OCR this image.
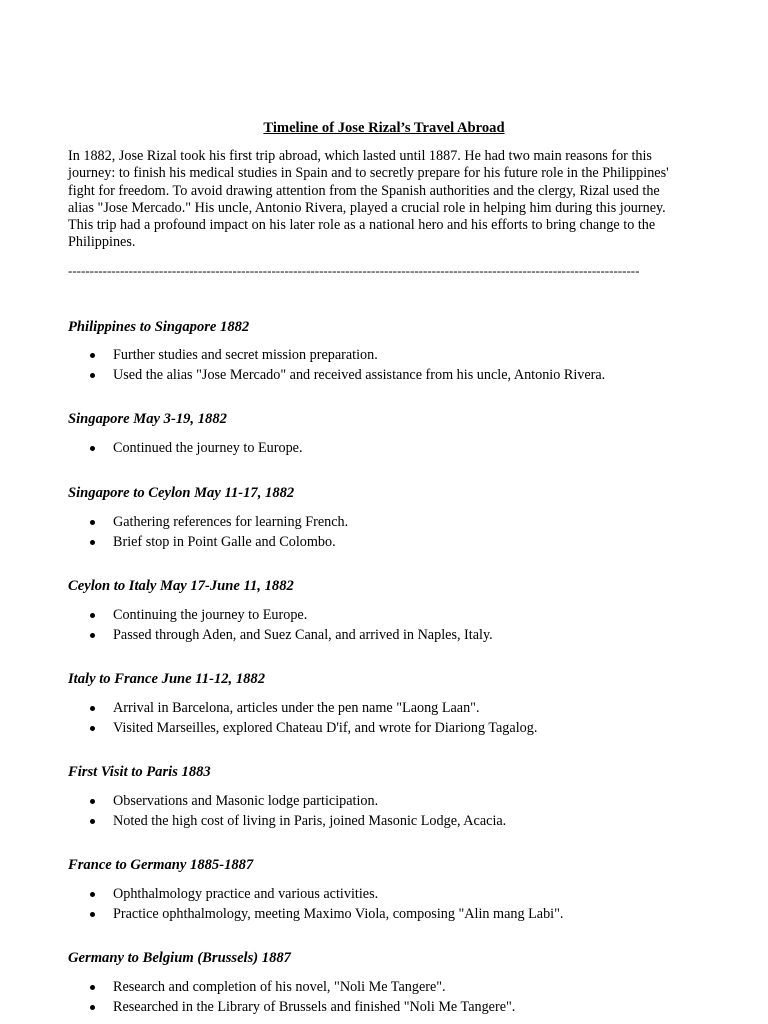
Timeline of Jose Rizal’s Travel Abroad

In 1882, Jose Rizal took his first trip abroad, which lasted until 1887. He had two main reasons for this
journey: to finish his medical studies in Spain and to secretly prepare for his future role in the Philippines'
fight for freedom. To avoid drawing attention from the Spanish authorities and the clergy, Rizal used the
alias "Jose Mercado." His uncle, Antonio Rivera, played a crucial role in helping him during this journey.
This trip had a profound impact on his later role as a national hero and his efforts to bring change to the
Philippines.

------------------------------------------------------------------------------------------------------------------------------------
Philippines to Singapore 1882
Further studies and secret mission preparation.
Used the alias "Jose Mercado" and received assistance from his uncle, Antonio Rivera.
Singapore May 3-19, 1882
Continued the journey to Europe.
Singapore to Ceylon May 11-17, 1882
Gathering references for learning French.
Brief stop in Point Galle and Colombo.
Ceylon to Italy May 17-June 11, 1882
Continuing the journey to Europe.
Passed through Aden, and Suez Canal, and arrived in Naples, Italy.
Italy to France June 11-12, 1882
Arrival in Barcelona, articles under the pen name "Laong Laan".
Visited Marseilles, explored Chateau D'if, and wrote for Diariong Tagalog.
First Visit to Paris 1883
Observations and Masonic lodge participation.
Noted the high cost of living in Paris, joined Masonic Lodge, Acacia.
France to Germany 1885-1887
Ophthalmology practice and various activities.
Practice ophthalmology, meeting Maximo Viola, composing "Alin mang Labi".
Germany to Belgium (Brussels) 1887
Research and completion of his novel, "Noli Me Tangere".
Researched in the Library of Brussels and finished "Noli Me Tangere".
